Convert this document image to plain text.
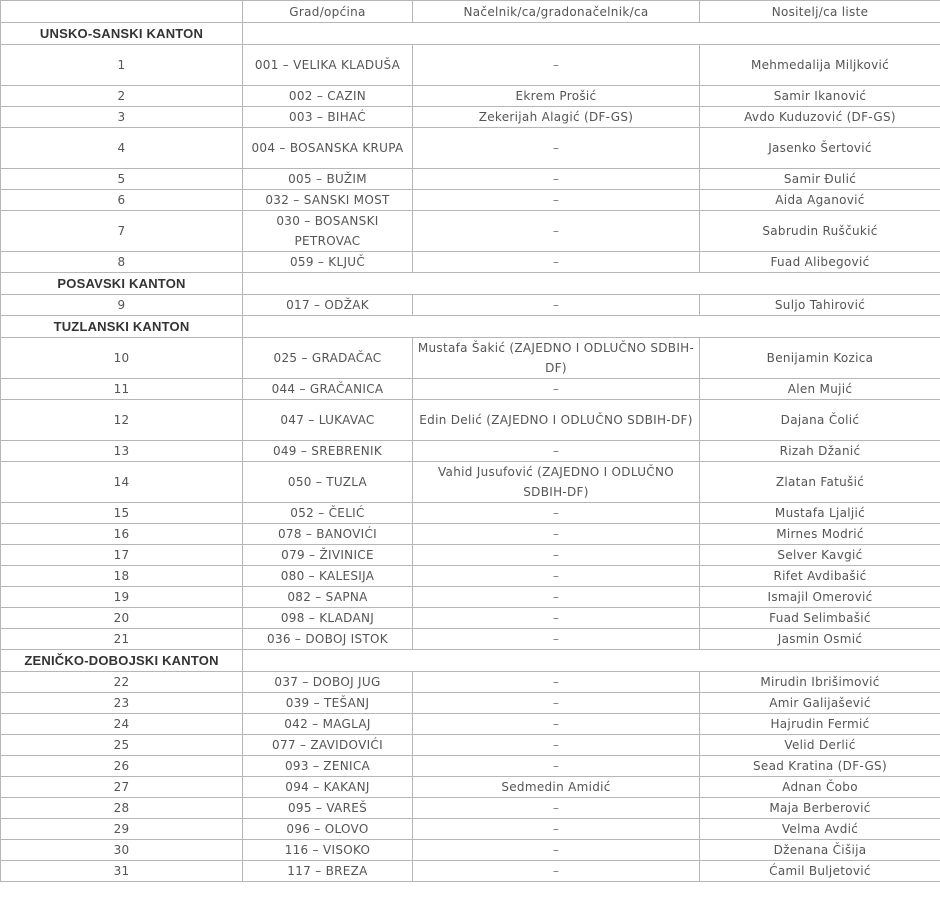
	Grad/općina	Načelnik/ca/gradonačelnik/ca	Nositelj/ca liste
UNSKO-SANSKI KANTON			
1	001 – VELIKA KLADUŠA	–	Mehmedalija Miljković
2	002 – CAZIN	Ekrem Prošić	Samir Ikanović
3	003 – BIHAĆ	Zekerijah Alagić (DF-GS)	Avdo Kuduzović (DF-GS)
4	004 – BOSANSKA KRUPA	–	Jasenko Šertović
5	005 – BUŽIM	–	Samir Đulić
6	032 – SANSKI MOST	–	Aida Aganović
7	030 – BOSANSKI PETROVAC	–	Sabrudin Ruščukić
8	059 – KLJUČ	–	Fuad Alibegović
POSAVSKI KANTON			
9	017 – ODŽAK	–	Suljo Tahirović
TUZLANSKI KANTON			
10	025 – GRADAČAC	Mustafa Šakić (ZAJEDNO I ODLUČNO SDBIH-DF)	Benijamin Kozica
11	044 – GRAČANICA	–	Alen Mujić
12	047 – LUKAVAC	Edin Delić (ZAJEDNO I ODLUČNO SDBIH-DF)	Dajana Čolić
13	049 – SREBRENIK	–	Rizah Džanić
14	050 – TUZLA	Vahid Jusufović (ZAJEDNO I ODLUČNO SDBIH-DF)	Zlatan Fatušić
15	052 – ČELIĆ	–	Mustafa Ljaljić
16	078 – BANOVIĆI	–	Mirnes Modrić
17	079 – ŽIVINICE	–	Selver Kavgić
18	080 – KALESIJA	–	Rifet Avdibašić
19	082 – SAPNA	–	Ismajil Omerović
20	098 – KLADANJ	–	Fuad Selimbašić
21	036 – DOBOJ ISTOK	–	Jasmin Osmić
ZENIČKO-DOBOJSKI KANTON			
22	037 – DOBOJ JUG	–	Mirudin Ibrišimović
23	039 – TEŠANJ	–	Amir Galijašević
24	042 – MAGLAJ	–	Hajrudin Fermić
25	077 – ZAVIDOVIĆI	–	Velid Derlić
26	093 – ZENICA	–	Sead Kratina (DF-GS)
27	094 – KAKANJ	Sedmedin Amidić	Adnan Čobo
28	095 – VAREŠ	–	Maja Berberović
29	096 – OLOVO	–	Velma Avdić
30	116 – VISOKO	–	Dženana Čišija
31	117 – BREZA	–	Ćamil Buljetović
